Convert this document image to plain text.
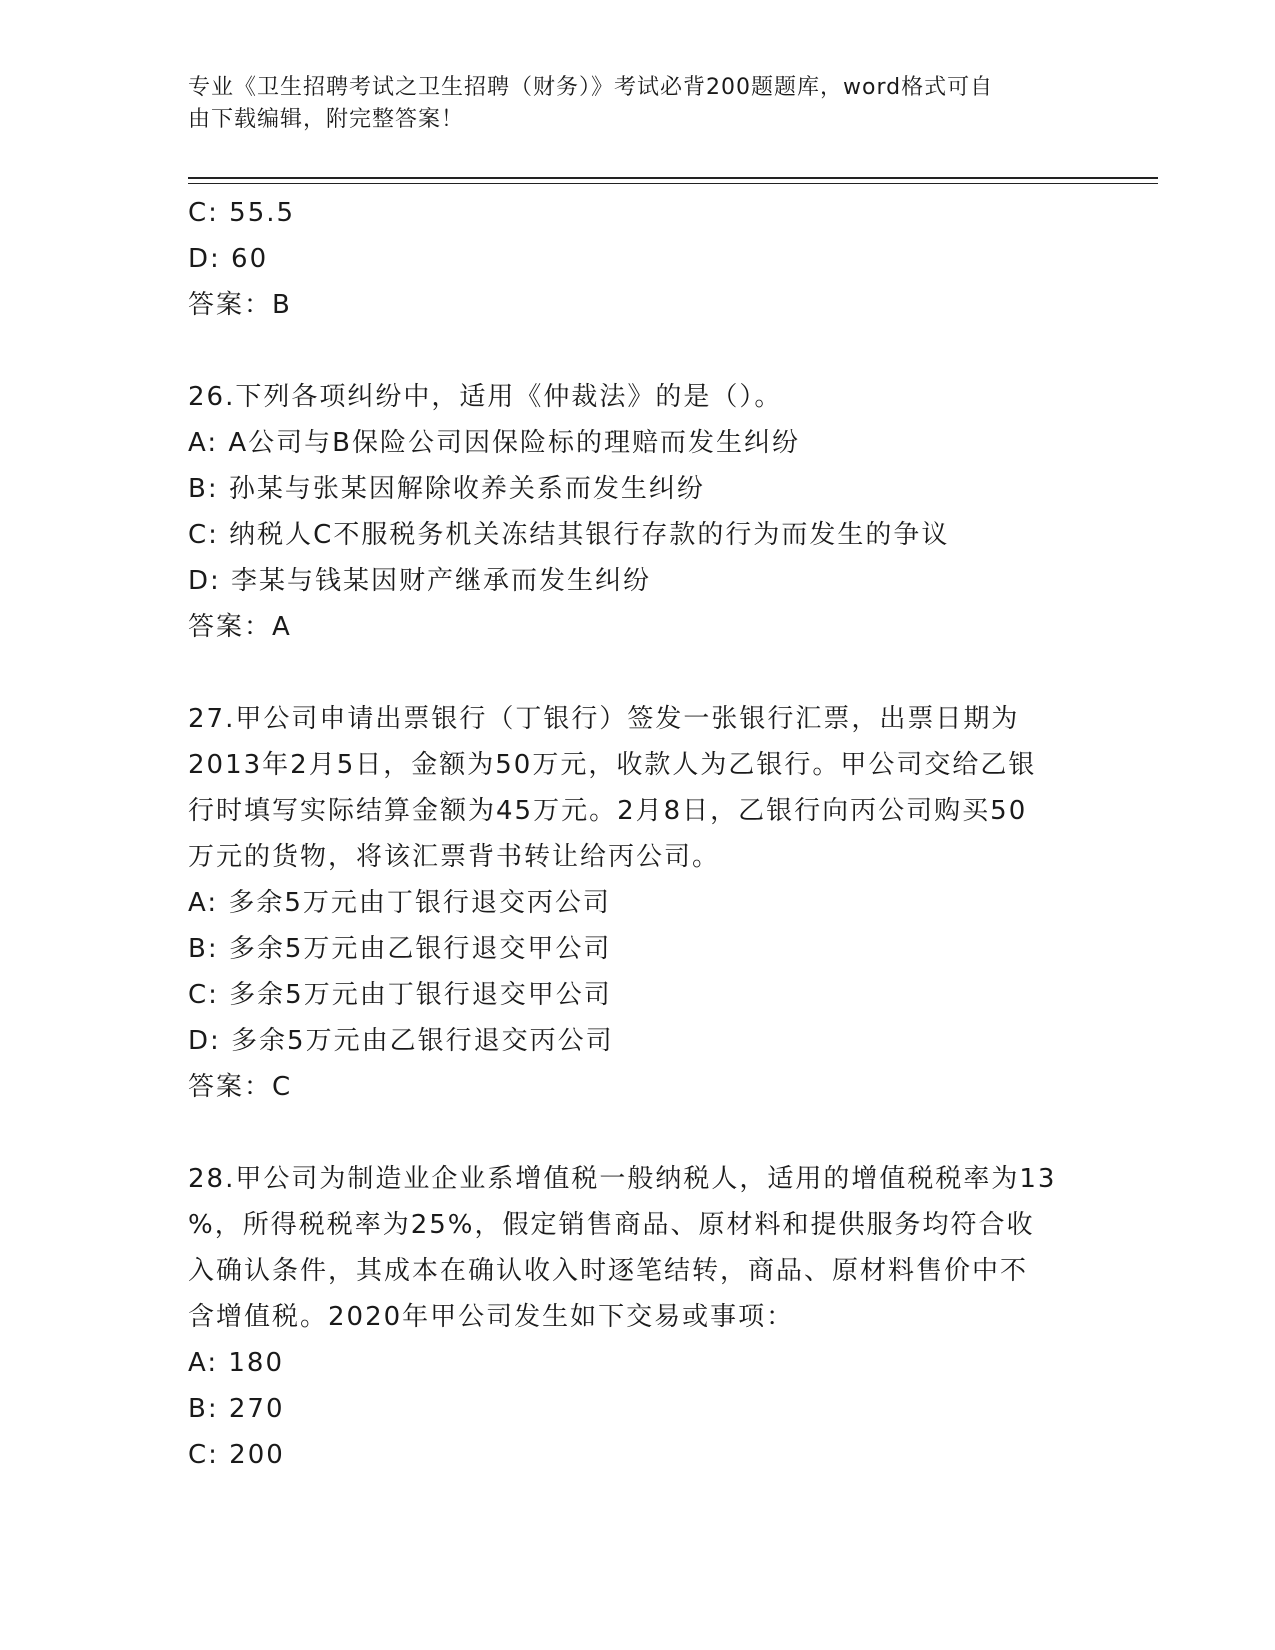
专业《卫生招聘考试之卫生招聘（财务）》考试必背200题题库，word格式可自
由下载编辑，附完整答案！
C: 55.5
D: 60
答案：B
26.下列各项纠纷中，适用《仲裁法》的是（）。
A: A公司与B保险公司因保险标的理赔而发生纠纷
B: 孙某与张某因解除收养关系而发生纠纷
C: 纳税人C不服税务机关冻结其银行存款的行为而发生的争议
D: 李某与钱某因财产继承而发生纠纷
答案：A
27.甲公司申请出票银行（丁银行）签发一张银行汇票，出票日期为
2013年2月5日，金额为50万元，收款人为乙银行。甲公司交给乙银
行时填写实际结算金额为45万元。2月8日，乙银行向丙公司购买50
万元的货物，将该汇票背书转让给丙公司。
A: 多余5万元由丁银行退交丙公司
B: 多余5万元由乙银行退交甲公司
C: 多余5万元由丁银行退交甲公司
D: 多余5万元由乙银行退交丙公司
答案：C
28.甲公司为制造业企业系增值税一般纳税人，适用的增值税税率为13
%，所得税税率为25%，假定销售商品、原材料和提供服务均符合收
入确认条件，其成本在确认收入时逐笔结转，商品、原材料售价中不
含增值税。2020年甲公司发生如下交易或事项：
A: 180
B: 270
C: 200
